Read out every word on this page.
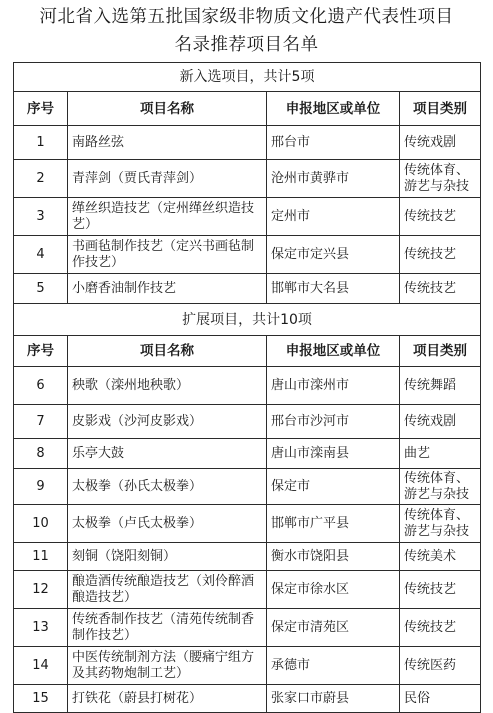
河北省入选第五批国家级非物质文化遗产代表性项目
名录推荐项目名单
新入选项目，共计5项			
序号	项目名称	申报地区或单位	项目类别
1	南路丝弦	邢台市	传统戏剧
2	青萍剑（贾氏青萍剑）	沧州市黄骅市	传统体育、游艺与杂技
3	缂丝织造技艺（定州缂丝织造技艺）	定州市	传统技艺
4	书画毡制作技艺（定兴书画毡制作技艺）	保定市定兴县	传统技艺
5	小磨香油制作技艺	邯郸市大名县	传统技艺
扩展项目，共计10项			
序号	项目名称	申报地区或单位	项目类别
6	秧歌（滦州地秧歌）	唐山市滦州市	传统舞蹈
7	皮影戏（沙河皮影戏）	邢台市沙河市	传统戏剧
8	乐亭大鼓	唐山市滦南县	曲艺
9	太极拳（孙氏太极拳）	保定市	传统体育、游艺与杂技
10	太极拳（卢氏太极拳）	邯郸市广平县	传统体育、游艺与杂技
11	刻铜（饶阳刻铜）	衡水市饶阳县	传统美术
12	酿造酒传统酿造技艺（刘伶醉酒酿造技艺）	保定市徐水区	传统技艺
13	传统香制作技艺（清苑传统制香制作技艺）	保定市清苑区	传统技艺
14	中医传统制剂方法（腰痛宁组方及其药物炮制工艺）	承德市	传统医药
15	打铁花（蔚县打树花）	张家口市蔚县	民俗
